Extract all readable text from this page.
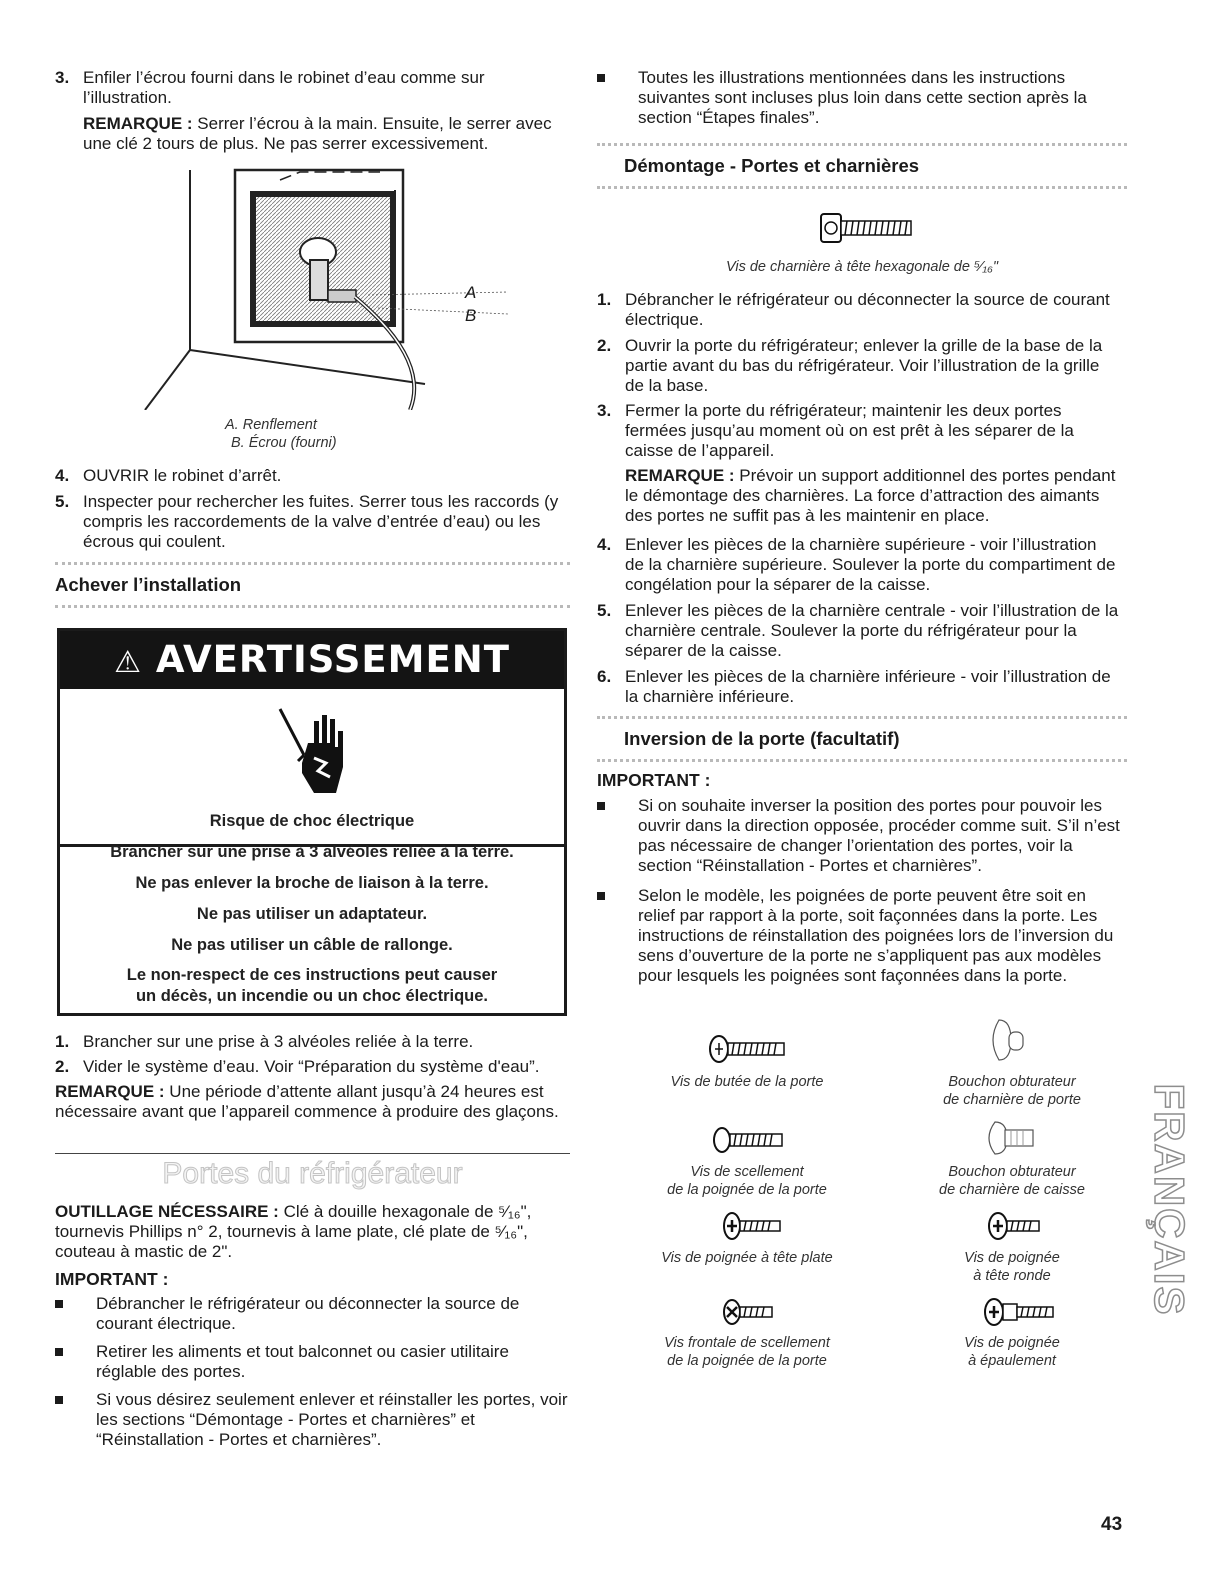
3. Enfiler l’écrou fourni dans le robinet d’eau comme sur l’illustration.
REMARQUE : Serrer l’écrou à la main. Ensuite, le serrer avec une clé 2 tours de plus. Ne pas serrer excessivement.
A
B
A. Renflement
B. Écrou (fourni)
4. OUVRIR le robinet d’arrêt.
5. Inspecter pour rechercher les fuites. Serrer tous les raccords (y compris les raccordements de la valve d’entrée d’eau) ou les écrous qui coulent.
Achever l’installation
⚠ AVERTISSEMENT
Risque de choc électrique
Brancher sur une prise à 3 alvéoles reliée à la terre.
Ne pas enlever la broche de liaison à la terre.
Ne pas utiliser un adaptateur.
Ne pas utiliser un câble de rallonge.
Le non-respect de ces instructions peut causer
un décès, un incendie ou un choc électrique.
1. Brancher sur une prise à 3 alvéoles reliée à la terre.
2. Vider le système d’eau. Voir “Préparation du système d'eau”.
REMARQUE : Une période d’attente allant jusqu’à 24 heures est nécessaire avant que l’appareil commence à produire des glaçons.
Portes du réfrigérateur
OUTILLAGE NÉCESSAIRE : Clé à douille hexagonale de ⁵⁄₁₆", tournevis Phillips n° 2, tournevis à lame plate, clé plate de ⁵⁄₁₆", couteau à mastic de 2".
IMPORTANT :
Débrancher le réfrigérateur ou déconnecter la source de courant électrique.
Retirer les aliments et tout balconnet ou casier utilitaire réglable des portes.
Si vous désirez seulement enlever et réinstaller les portes, voir les sections “Démontage - Portes et charnières” et “Réinstallation - Portes et charnières”.
Toutes les illustrations mentionnées dans les instructions suivantes sont incluses plus loin dans cette section après la section “Étapes finales”.
Démontage - Portes et charnières
Vis de charnière à tête hexagonale de ⁵⁄₁₆"
1. Débrancher le réfrigérateur ou déconnecter la source de courant électrique.
2. Ouvrir la porte du réfrigérateur; enlever la grille de la base de la partie avant du bas du réfrigérateur. Voir l’illustration de la grille de la base.
3. Fermer la porte du réfrigérateur; maintenir les deux portes fermées jusqu’au moment où on est prêt à les séparer de la caisse de l’appareil.
REMARQUE : Prévoir un support additionnel des portes pendant le démontage des charnières. La force d’attraction des aimants des portes ne suffit pas à les maintenir en place.
4. Enlever les pièces de la charnière supérieure - voir l’illustration de la charnière supérieure. Soulever la porte du compartiment de congélation pour la séparer de la caisse.
5. Enlever les pièces de la charnière centrale - voir l’illustration de la charnière centrale. Soulever la porte du réfrigérateur pour la séparer de la caisse.
6. Enlever les pièces de la charnière inférieure - voir l’illustration de la charnière inférieure.
Inversion de la porte (facultatif)
IMPORTANT :
Si on souhaite inverser la position des portes pour pouvoir les ouvrir dans la direction opposée, procéder comme suit. S’il n’est pas nécessaire de changer l’orientation des portes, voir la section “Réinstallation - Portes et charnières”.
Selon le modèle, les poignées de porte peuvent être soit en relief par rapport à la porte, soit façonnées dans la porte. Les instructions de réinstallation des poignées lors de l’inversion du sens d’ouverture de la porte ne s’appliquent pas aux modèles pour lesquels les poignées sont façonnées dans la porte.
Vis de butée de la porte	Bouchon obturateur
de charnière de porte
Vis de scellement
de la poignée de la porte
Bouchon obturateur
de charnière de caisse
Vis de poignée à tête plate	Vis de poignée
à tête ronde
Vis frontale de scellement
de la poignée de la porte
Vis de poignée
à épaulement
FRANÇAIS
43
